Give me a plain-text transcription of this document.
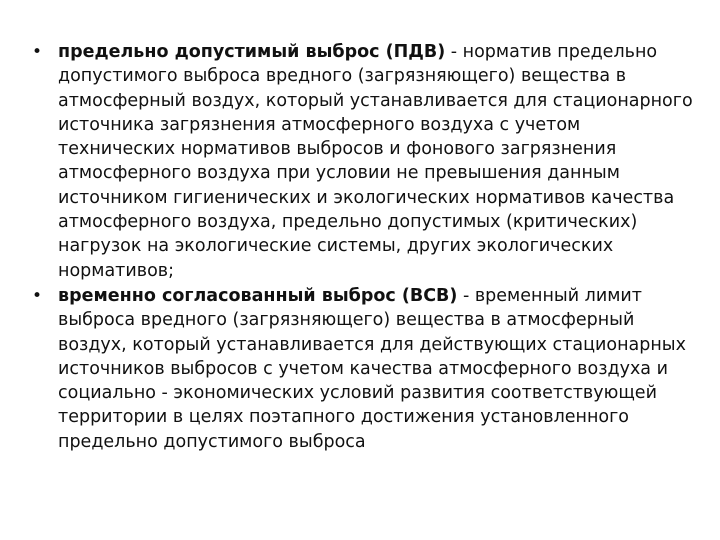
• предельно допустимый выброс (ПДВ) - норматив предельно допустимого выброса вредного (загрязняющего) вещества в атмосферный воздух, который устанавливается для стационарного источника загрязнения атмосферного воздуха с учетом технических нормативов выбросов и фонового загрязнения атмосферного воздуха при условии не превышения данным источником гигиенических и экологических нормативов качества атмосферного воздуха, предельно допустимых (критических) нагрузок на экологические системы, других экологических нормативов;
• временно согласованный выброс (ВСВ) - временный лимит выброса вредного (загрязняющего) вещества в атмосферный воздух, который устанавливается для действующих стационарных источников выбросов с учетом качества атмосферного воздуха и социально - экономических условий развития соответствующей территории в целях поэтапного достижения установленного предельно допустимого выброса
